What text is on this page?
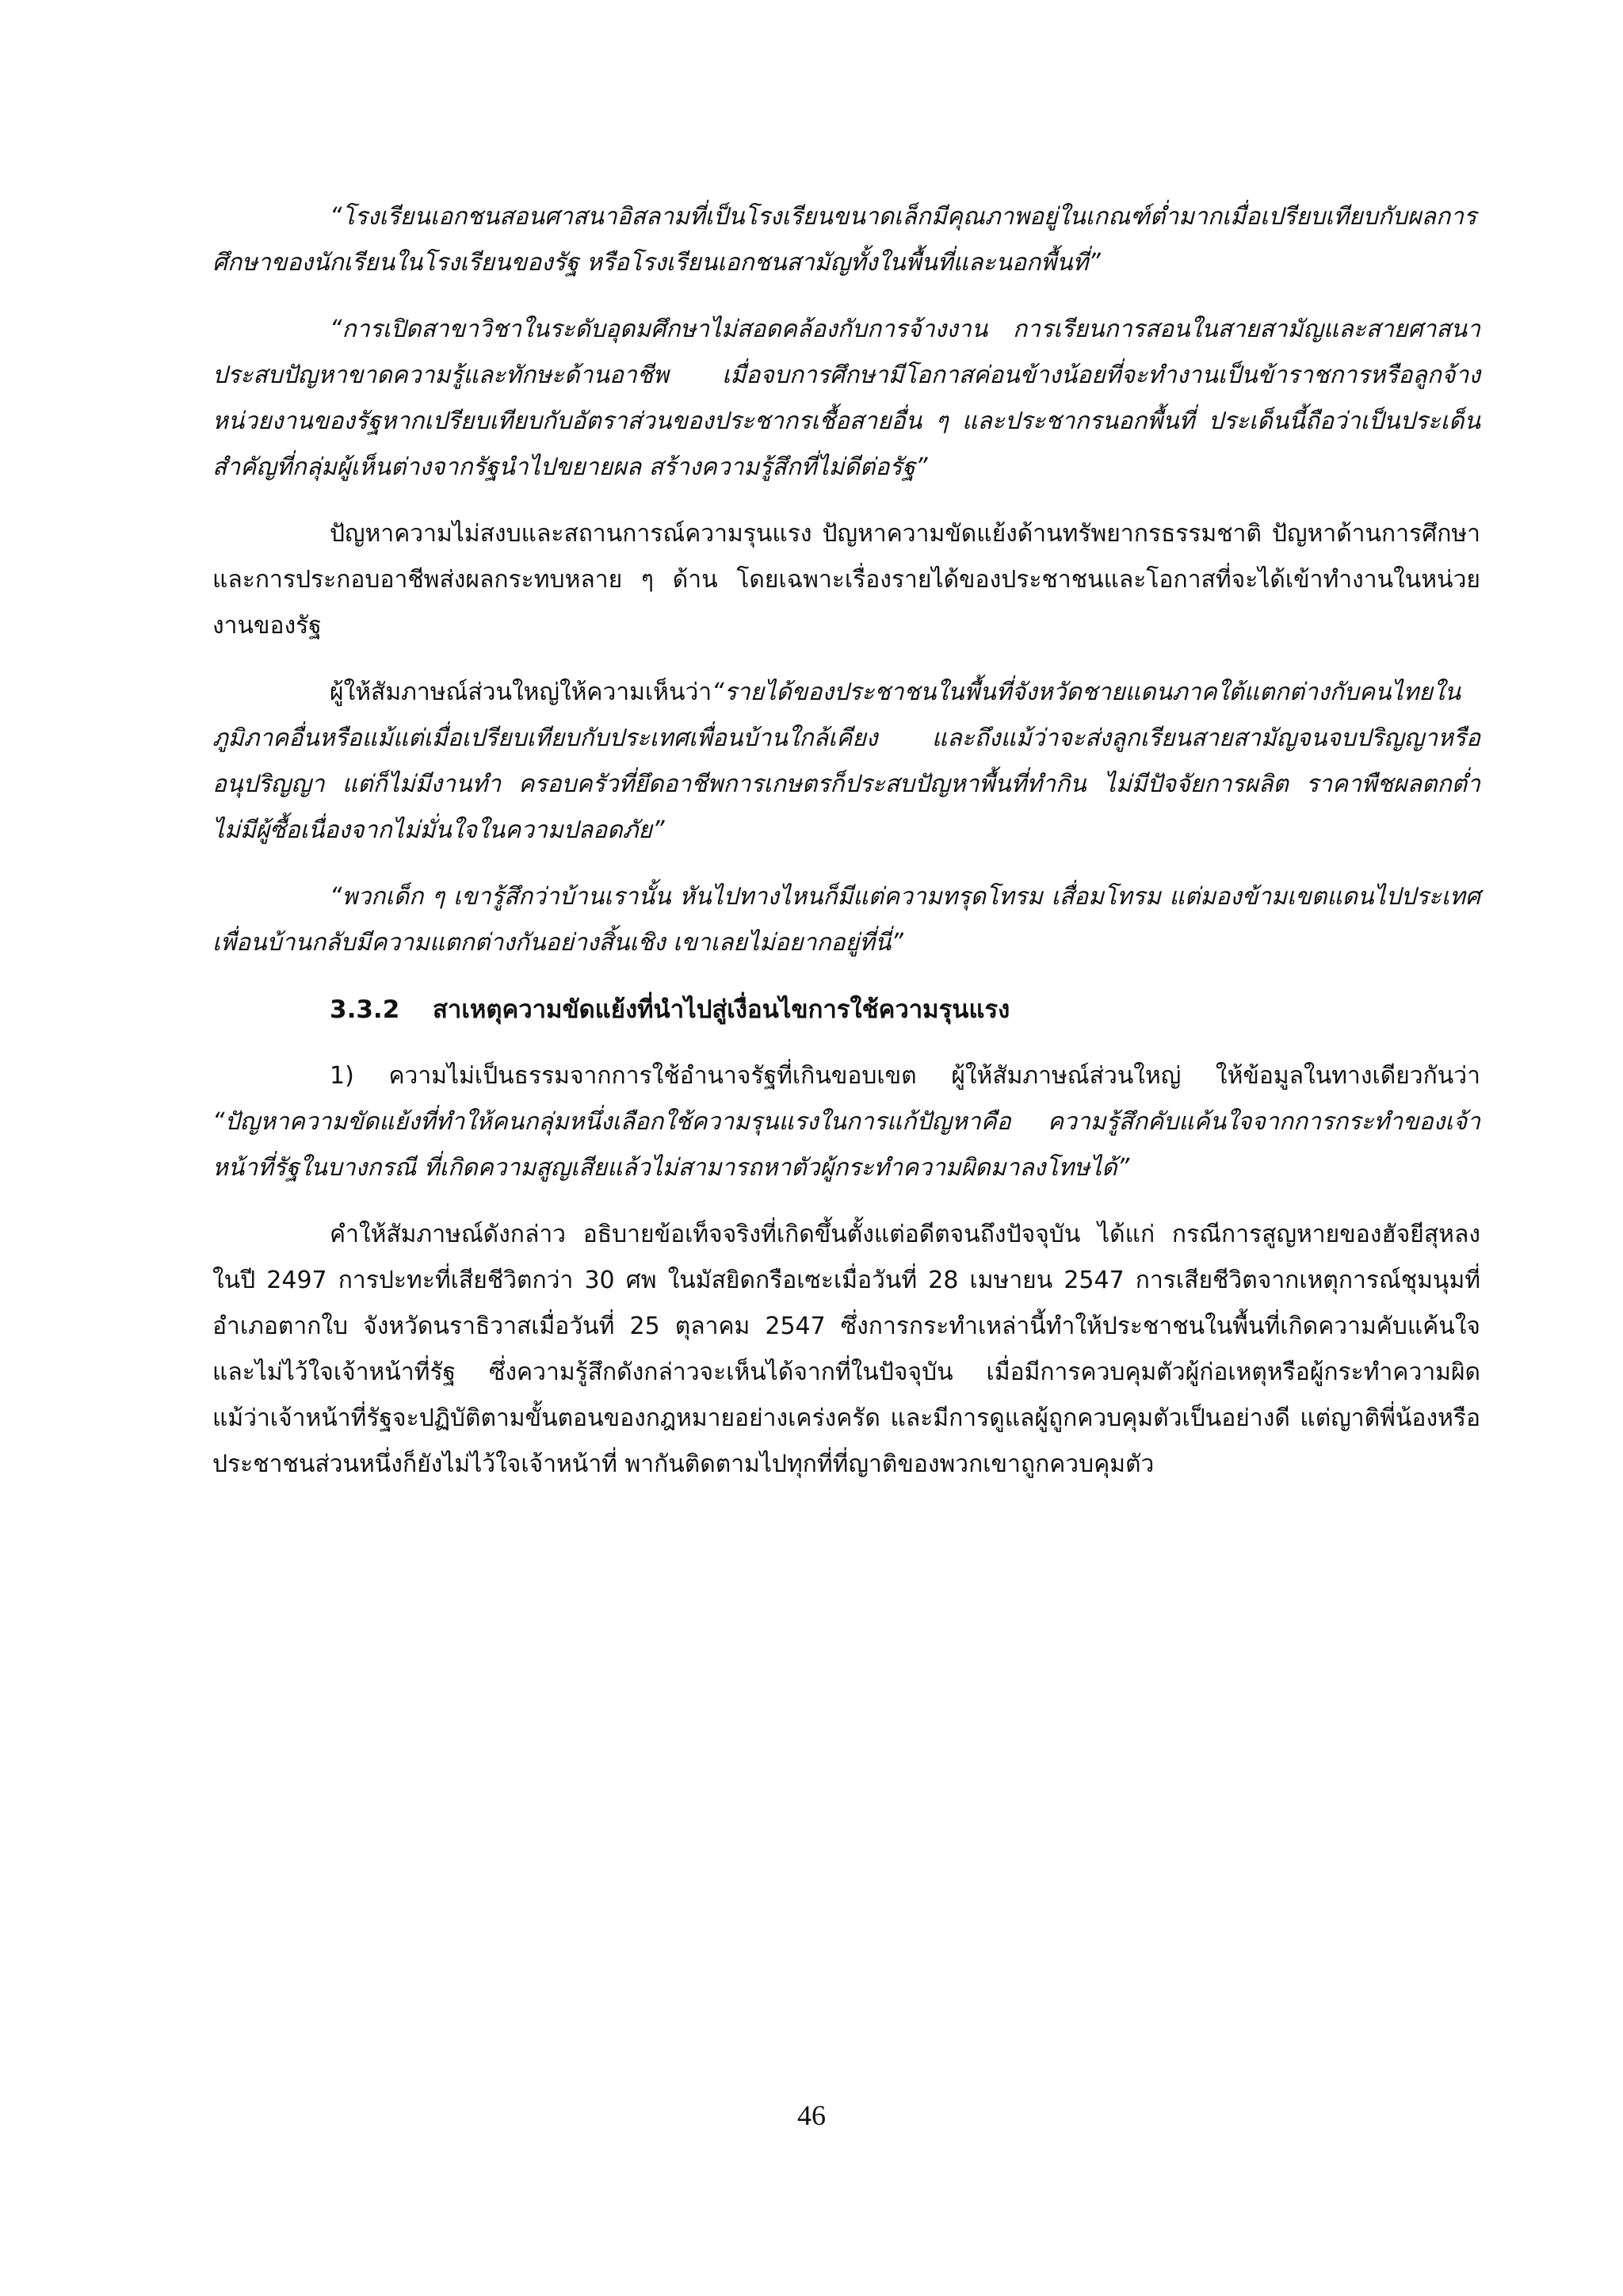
“โรงเรียนเอกชนสอนศาสนาอิสลามที่เป็นโรงเรียนขนาดเล็กมีคุณภาพอยู่ในเกณฑ์ต่ำมากเมื่อเปรียบเทียบกับผลการศึกษาของนักเรียนในโรงเรียนของรัฐ หรือโรงเรียนเอกชนสามัญทั้งในพื้นที่และนอกพื้นที่”

“การเปิดสาขาวิชาในระดับอุดมศึกษาไม่สอดคล้องกับการจ้างงาน การเรียนการสอนในสายสามัญและสายศาสนาประสบปัญหาขาดความรู้และทักษะด้านอาชีพ เมื่อจบการศึกษามีโอกาสค่อนข้างน้อยที่จะทำงานเป็นข้าราชการหรือลูกจ้างหน่วยงานของรัฐหากเปรียบเทียบกับอัตราส่วนของประชากรเชื้อสายอื่น ๆ และประชากรนอกพื้นที่ ประเด็นนี้ถือว่าเป็นประเด็นสำคัญที่กลุ่มผู้เห็นต่างจากรัฐนำไปขยายผล สร้างความรู้สึกที่ไม่ดีต่อรัฐ”

ปัญหาความไม่สงบและสถานการณ์ความรุนแรง ปัญหาความขัดแย้งด้านทรัพยากรธรรมชาติ ปัญหาด้านการศึกษาและการประกอบอาชีพส่งผลกระทบหลาย ๆ ด้าน โดยเฉพาะเรื่องรายได้ของประชาชนและโอกาสที่จะได้เข้าทำงานในหน่วยงานของรัฐ

ผู้ให้สัมภาษณ์ส่วนใหญ่ให้ความเห็นว่า“รายได้ของประชาชนในพื้นที่จังหวัดชายแดนภาคใต้แตกต่างกับคนไทยในภูมิภาคอื่นหรือแม้แต่เมื่อเปรียบเทียบกับประเทศเพื่อนบ้านใกล้เคียง และถึงแม้ว่าจะส่งลูกเรียนสายสามัญจนจบปริญญาหรืออนุปริญญา แต่ก็ไม่มีงานทำ ครอบครัวที่ยึดอาชีพการเกษตรก็ประสบปัญหาพื้นที่ทำกิน ไม่มีปัจจัยการผลิต ราคาพืชผลตกต่ำ ไม่มีผู้ซื้อเนื่องจากไม่มั่นใจในความปลอดภัย”

“พวกเด็ก ๆ เขารู้สึกว่าบ้านเรานั้น หันไปทางไหนก็มีแต่ความทรุดโทรม เสื่อมโทรม แต่มองข้ามเขตแดนไปประเทศเพื่อนบ้านกลับมีความแตกต่างกันอย่างสิ้นเชิง เขาเลยไม่อยากอยู่ที่นี่”

3.3.2 สาเหตุความขัดแย้งที่นำไปสู่เงื่อนไขการใช้ความรุนแรง

1) ความไม่เป็นธรรมจากการใช้อำนาจรัฐที่เกินขอบเขต ผู้ให้สัมภาษณ์ส่วนใหญ่ ให้ข้อมูลในทางเดียวกันว่า “ปัญหาความขัดแย้งที่ทำให้คนกลุ่มหนึ่งเลือกใช้ความรุนแรงในการแก้ปัญหาคือ ความรู้สึกคับแค้นใจจากการกระทำของเจ้าหน้าที่รัฐในบางกรณี ที่เกิดความสูญเสียแล้วไม่สามารถหาตัวผู้กระทำความผิดมาลงโทษได้”

คำให้สัมภาษณ์ดังกล่าว อธิบายข้อเท็จจริงที่เกิดขึ้นตั้งแต่อดีตจนถึงปัจจุบัน ได้แก่ กรณีการสูญหายของฮัจยีสุหลง ในปี 2497 การปะทะที่เสียชีวิตกว่า 30 ศพ ในมัสยิดกรือเซะเมื่อวันที่ 28 เมษายน 2547 การเสียชีวิตจากเหตุการณ์ชุมนุมที่อำเภอตากใบ จังหวัดนราธิวาสเมื่อวันที่ 25 ตุลาคม 2547 ซึ่งการกระทำเหล่านี้ทำให้ประชาชนในพื้นที่เกิดความคับแค้นใจและไม่ไว้ใจเจ้าหน้าที่รัฐ ซึ่งความรู้สึกดังกล่าวจะเห็นได้จากที่ในปัจจุบัน เมื่อมีการควบคุมตัวผู้ก่อเหตุหรือผู้กระทำความผิด แม้ว่าเจ้าหน้าที่รัฐจะปฏิบัติตามขั้นตอนของกฎหมายอย่างเคร่งครัด และมีการดูแลผู้ถูกควบคุมตัวเป็นอย่างดี แต่ญาติพี่น้องหรือประชาชนส่วนหนึ่งก็ยังไม่ไว้ใจเจ้าหน้าที่ พากันติดตามไปทุกที่ที่ญาติของพวกเขาถูกควบคุมตัว

46
